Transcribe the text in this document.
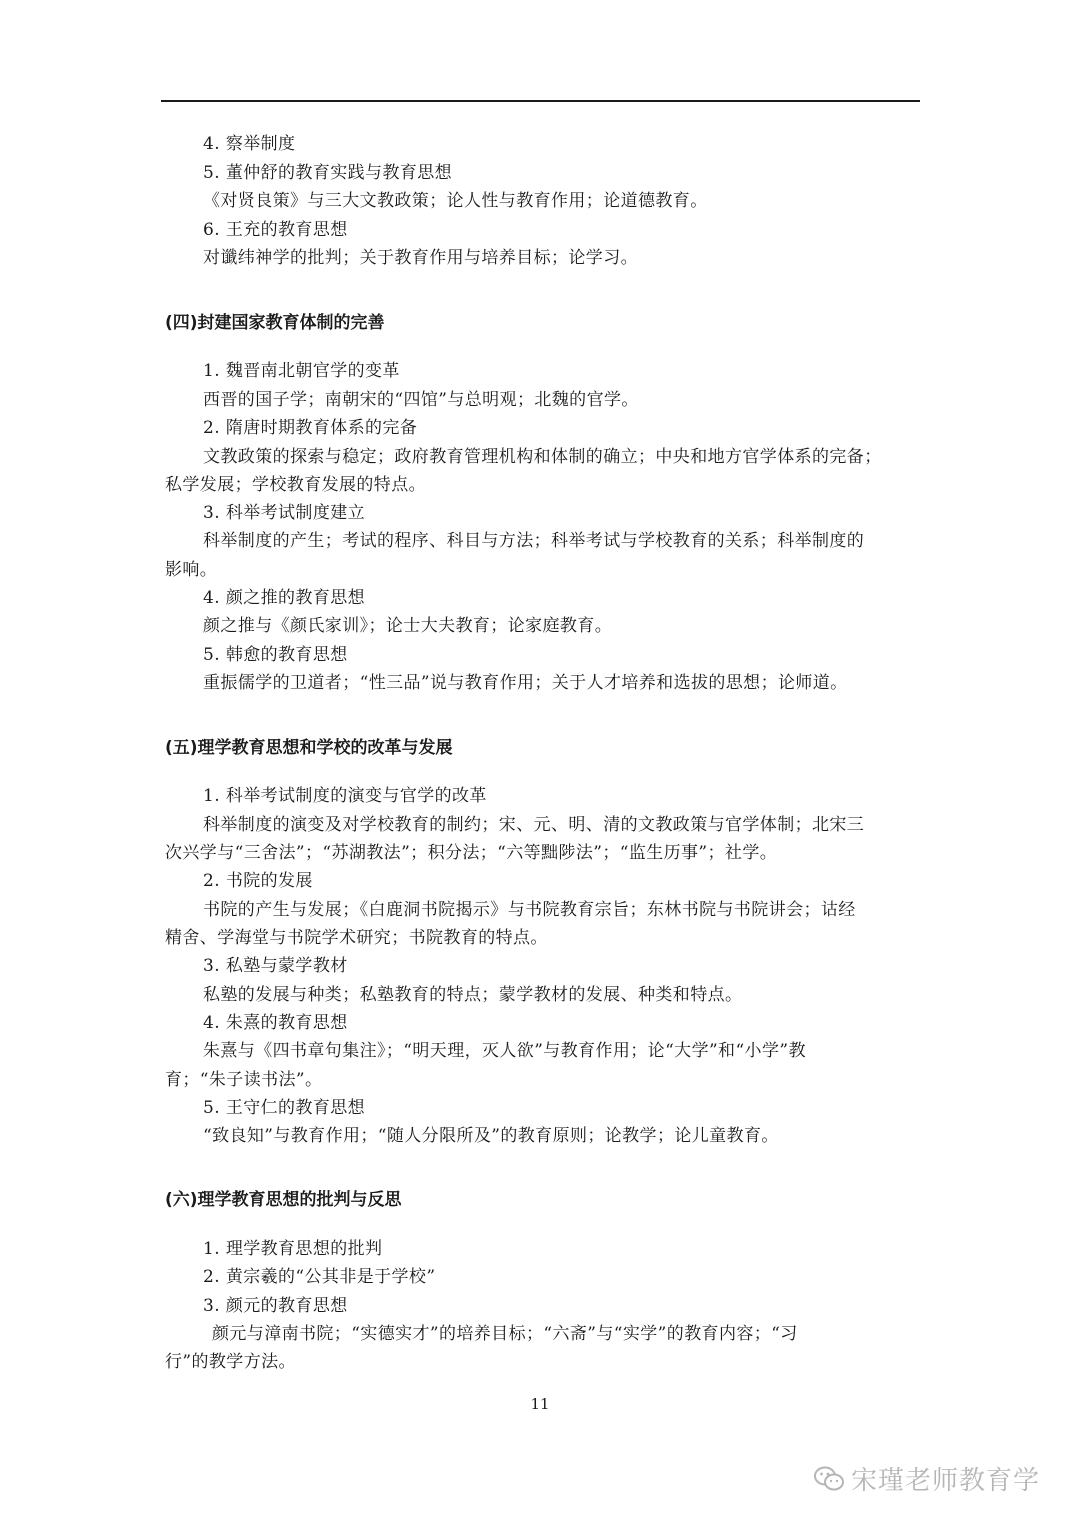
4. 察举制度
5. 董仲舒的教育实践与教育思想
《对贤良策》与三大文教政策；论人性与教育作用；论道德教育。
6. 王充的教育思想
对谶纬神学的批判；关于教育作用与培养目标；论学习。
1. 魏晋南北朝官学的变革
西晋的国子学；南朝宋的“四馆”与总明观；北魏的官学。
2. 隋唐时期教育体系的完备
文教政策的探索与稳定；政府教育管理机构和体制的确立；中央和地方官学体系的完备；
私学发展；学校教育发展的特点。
3. 科举考试制度建立
科举制度的产生；考试的程序、科目与方法；科举考试与学校教育的关系；科举制度的
影响。
4. 颜之推的教育思想
颜之推与《颜氏家训》；论士大夫教育；论家庭教育。
5. 韩愈的教育思想
重振儒学的卫道者；“性三品”说与教育作用；关于人才培养和选拔的思想；论师道。
1. 科举考试制度的演变与官学的改革
科举制度的演变及对学校教育的制约；宋、元、明、清的文教政策与官学体制；北宋三
次兴学与“三舍法”；“苏湖教法”；积分法；“六等黜陟法”；“监生历事”；社学。
2. 书院的发展
书院的产生与发展；《白鹿洞书院揭示》与书院教育宗旨；东林书院与书院讲会；诂经
精舍、学海堂与书院学术研究；书院教育的特点。
3. 私塾与蒙学教材
私塾的发展与种类；私塾教育的特点；蒙学教材的发展、种类和特点。
4. 朱熹的教育思想
朱熹与《四书章句集注》；“明天理，灭人欲”与教育作用；论“大学”和“小学”教
育；“朱子读书法”。
5. 王守仁的教育思想
“致良知”与教育作用；“随人分限所及”的教育原则；论教学；论儿童教育。
1. 理学教育思想的批判
2. 黄宗羲的“公其非是于学校”
3. 颜元的教育思想
颜元与漳南书院；“实德实才”的培养目标；“六斋”与“实学”的教育内容；“习
行”的教学方法。
(四)封建国家教育体制的完善
(五)理学教育思想和学校的改革与发展
(六)理学教育思想的批判与反思
11
宋瑾老师教育学
